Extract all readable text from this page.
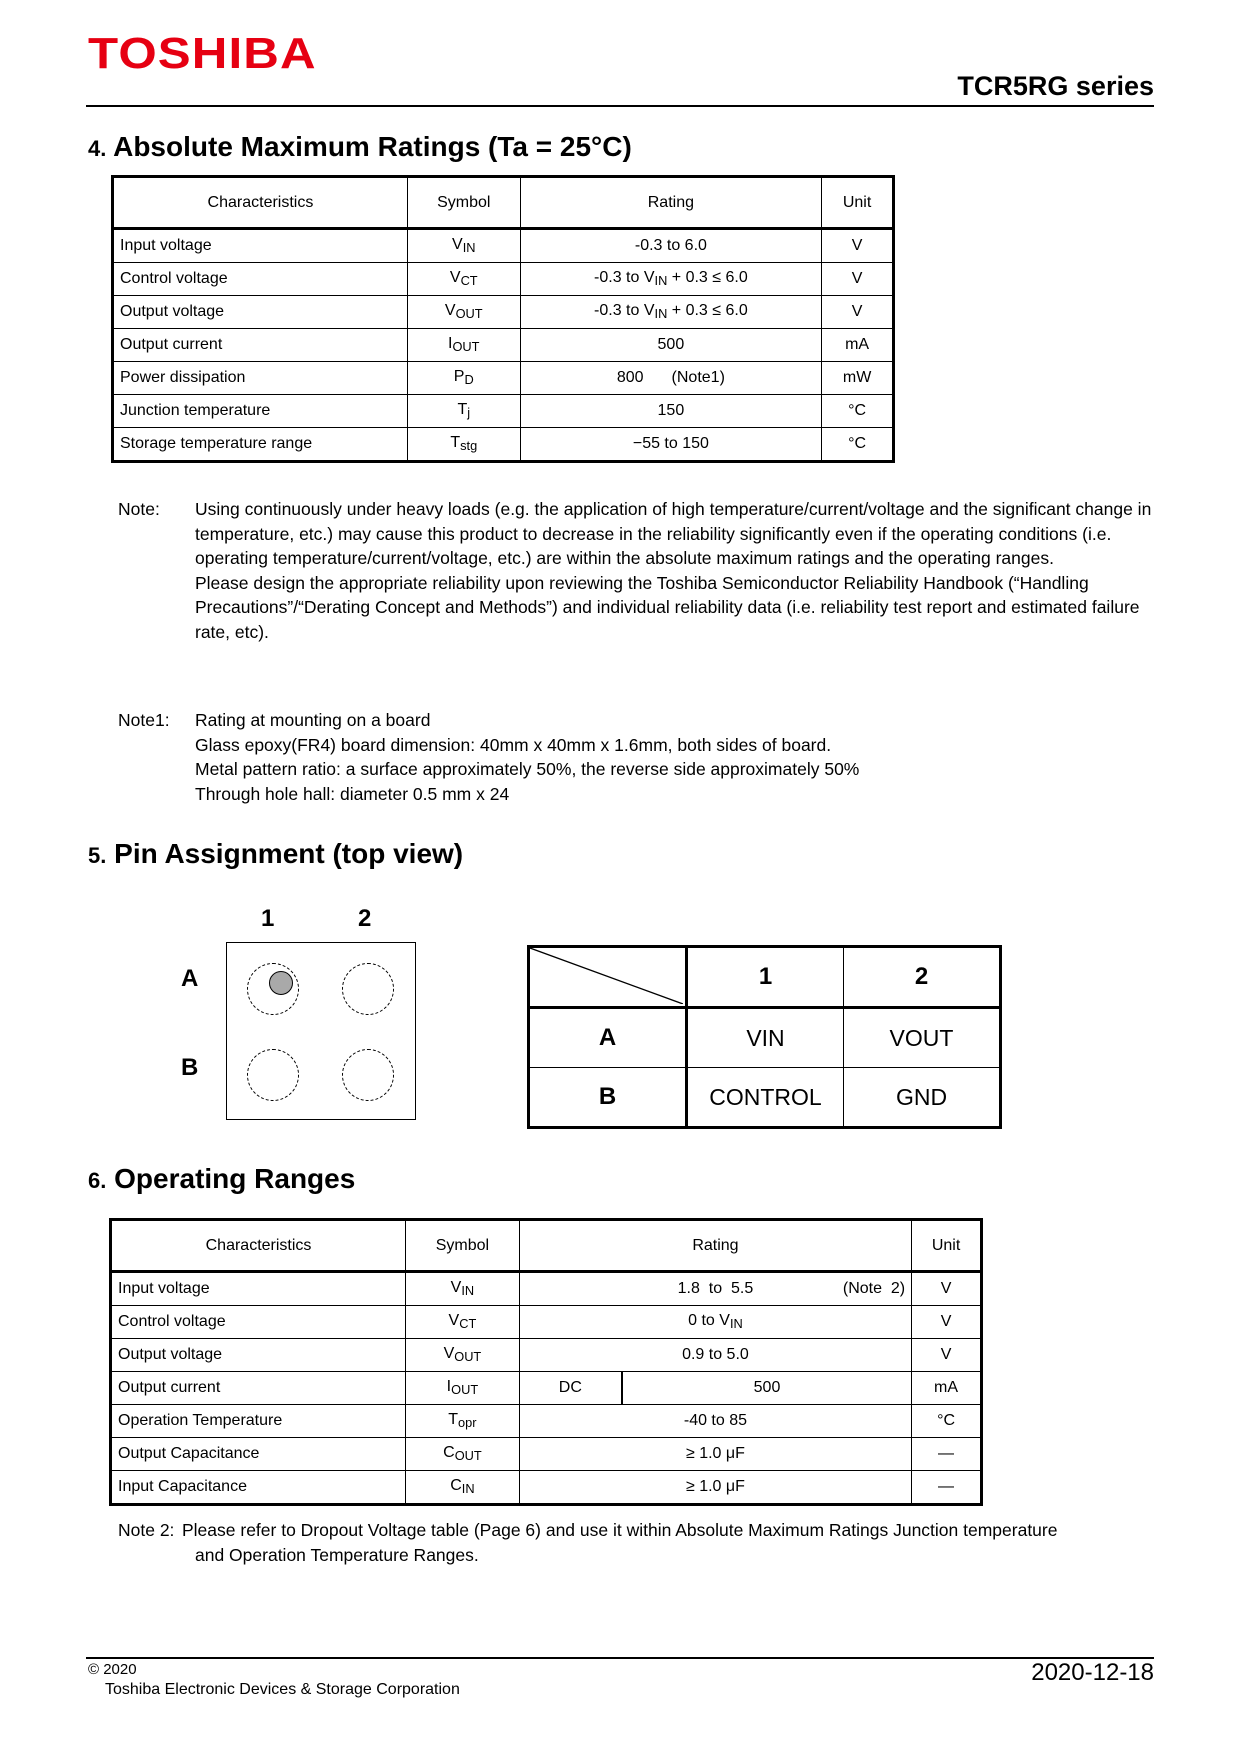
TOSHIBA
TCR5RG series
4. Absolute Maximum Ratings (Ta = 25°C)
Characteristics	Symbol	Rating	Unit
Input voltage	$V_{IN}$	-0.3 to 6.0	V
Control voltage	$V_{CT}$	-0.3 to $V_{IN} + 0.3 \le 6.0$	V
Output voltage	$V_{OUT}$	-0.3 to $V_{IN} + 0.3 \le 6.0$	V
Output current	$I_{OUT}$	500	mA
Power dissipation	$P_D$	800 (Note1)	mW
Junction temperature	$T_j$	150	°C
Storage temperature range	$T_{stg}$	−55 to 150	°C
Note: Using continuously under heavy loads (e.g. the application of high temperature/current/voltage and the significant change in temperature, etc.) may cause this product to decrease in the reliability significantly even if the operating conditions (i.e. operating temperature/current/voltage, etc.) are within the absolute maximum ratings and the operating ranges.
Please design the appropriate reliability upon reviewing the Toshiba Semiconductor Reliability Handbook (“Handling Precautions”/“Derating Concept and Methods”) and individual reliability data (i.e. reliability test report and estimated failure rate, etc).
Note1: Rating at mounting on a board
Glass epoxy(FR4) board dimension: 40mm x 40mm x 1.6mm, both sides of board.
Metal pattern ratio: a surface approximately 50%, the reverse side approximately 50%
Through hole hall: diameter 0.5 mm x 24
5. Pin Assignment (top view)
1	2
A
B
	1	2
A	VIN	VOUT
B	CONTROL	GND
6. Operating Ranges
Characteristics	Symbol	Rating		Unit
Input voltage	$V_{IN}$	1.8  to  5.5 (Note  2)		V
Control voltage	$V_{CT}$	0 to $V_{IN}$		V
Output voltage	$V_{OUT}$	0.9 to 5.0		V
Output current	$I_{OUT}$	DC	500	mA
Operation Temperature	$T_{opr}$	-40 to 85		°C
Output Capacitance	$C_{OUT}$	≥ 1.0 μF		—
Input Capacitance	$C_{IN}$	≥ 1.0 μF		—
Note 2: Please refer to Dropout Voltage table (Page 6) and use it within Absolute Maximum Ratings Junction temperature and Operation Temperature Ranges.
© 2020
Toshiba Electronic Devices & Storage Corporation
2020-12-18
